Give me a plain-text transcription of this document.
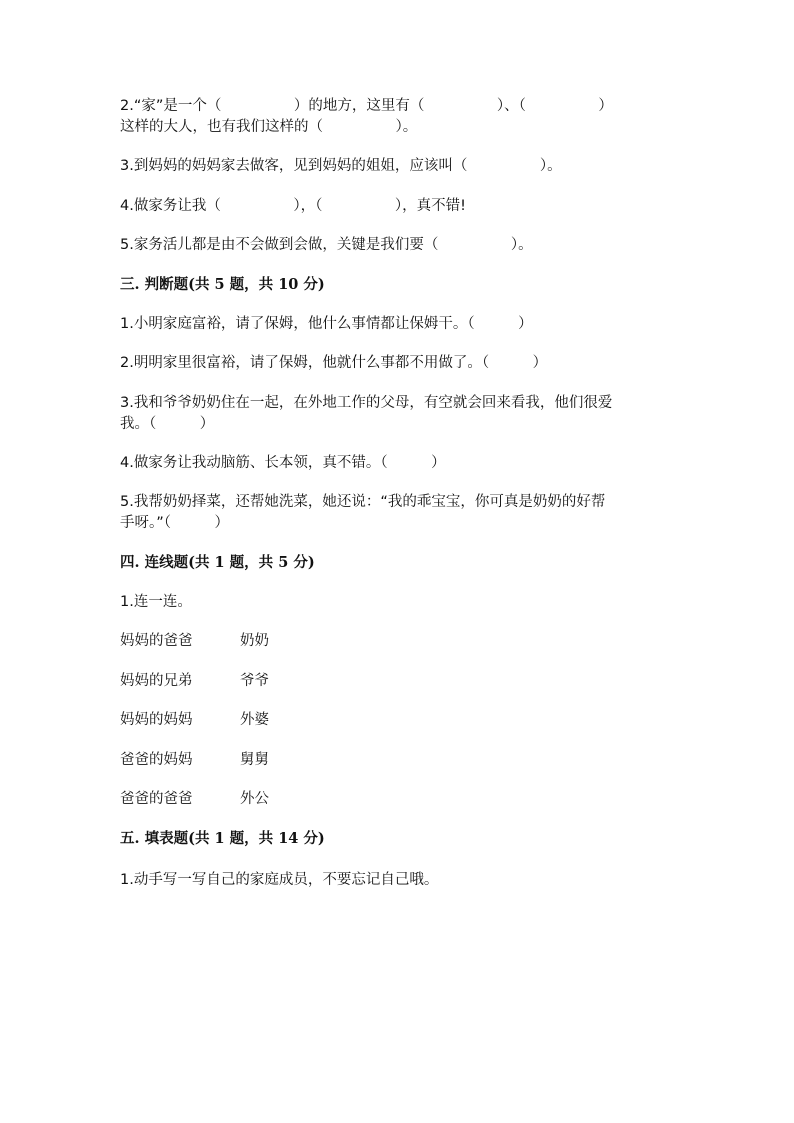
2.“家”是一个（　　　　　）的地方，这里有（　　　　　）、（　　　　　）

这样的大人，也有我们这样的（　　　　　）。

3.到妈妈的妈妈家去做客，见到妈妈的姐姐，应该叫（　　　　　）。

4.做家务让我（　　　　　），（　　　　　），真不错!

5.家务活儿都是由不会做到会做，关键是我们要（　　　　　）。

三. 判断题(共 5 题，共 10 分)

1.小明家庭富裕，请了保姆，他什么事情都让保姆干。（　　　）

2.明明家里很富裕，请了保姆，他就什么事都不用做了。（　　　）

3.我和爷爷奶奶住在一起，在外地工作的父母，有空就会回来看我，他们很爱

我。（　　　）

4.做家务让我动脑筋、长本领，真不错。（　　　）

5.我帮奶奶择菜，还帮她洗菜，她还说：“我的乖宝宝，你可真是奶奶的好帮

手呀。”（　　　）

四. 连线题(共 1 题，共 5 分)

1.连一连。

妈妈的爸爸	奶奶

妈妈的兄弟	爷爷

妈妈的妈妈	外婆

爸爸的妈妈	舅舅

爸爸的爸爸	外公

五. 填表题(共 1 题，共 14 分)

1.动手写一写自己的家庭成员，不要忘记自己哦。
